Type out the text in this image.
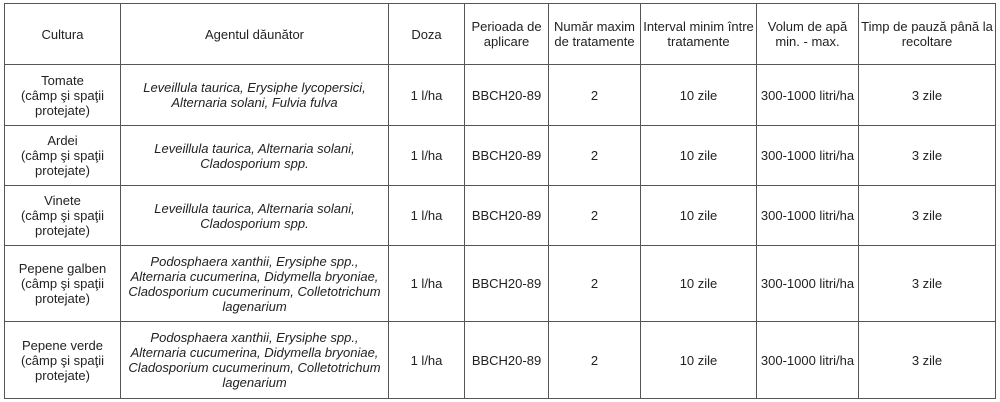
Cultura	Agentul dăunător	Doza	Perioada de aplicare	Număr maxim de tratamente	Interval minim între tratamente	Volum de apă min. - max.	Timp de pauză până la recoltare

Tomate
(câmp şi spaţii protejate)	Leveillula taurica, Erysiphe lycopersici, Alternaria solani, Fulvia fulva	1 l/ha	BBCH20-89	2	10 zile	300-1000 litri/ha	3 zile

Ardei
(câmp şi spaţii protejate)	Leveillula taurica, Alternaria solani, Cladosporium spp.	1 l/ha	BBCH20-89	2	10 zile	300-1000 litri/ha	3 zile

Vinete
(câmp şi spaţii protejate)	Leveillula taurica, Alternaria solani, Cladosporium spp.	1 l/ha	BBCH20-89	2	10 zile	300-1000 litri/ha	3 zile

Pepene galben
(câmp şi spaţii protejate)	Podosphaera xanthii, Erysiphe spp., Alternaria cucumerina, Didymella bryoniae, Cladosporium cucumerinum, Colletotrichum lagenarium	1 l/ha	BBCH20-89	2	10 zile	300-1000 litri/ha	3 zile

Pepene verde
(câmp şi spaţii protejate)	Podosphaera xanthii, Erysiphe spp., Alternaria cucumerina, Didymella bryoniae, Cladosporium cucumerinum, Colletotrichum lagenarium	1 l/ha	BBCH20-89	2	10 zile	300-1000 litri/ha	3 zile
